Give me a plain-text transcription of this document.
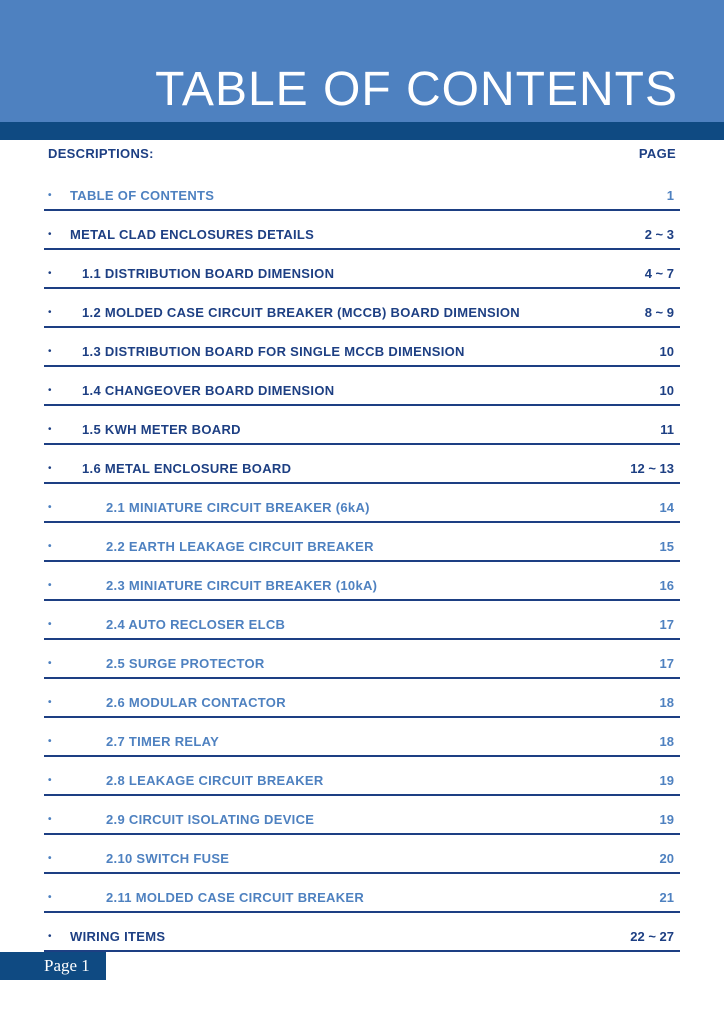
TABLE OF CONTENTS
DESCRIPTIONS:	PAGE
• TABLE OF CONTENTS	1
• METAL CLAD ENCLOSURES DETAILS	2 ~ 3
• 1.1 DISTRIBUTION BOARD DIMENSION	4 ~ 7
• 1.2 MOLDED CASE CIRCUIT BREAKER (MCCB) BOARD DIMENSION	8 ~ 9
• 1.3 DISTRIBUTION BOARD FOR SINGLE MCCB DIMENSION	10
• 1.4 CHANGEOVER BOARD DIMENSION	10
• 1.5 KWH METER BOARD	11
• 1.6 METAL ENCLOSURE BOARD	12 ~ 13
•	2.1 MINIATURE CIRCUIT BREAKER (6kA)	14
•	2.2 EARTH LEAKAGE CIRCUIT BREAKER	15
•	2.3 MINIATURE CIRCUIT BREAKER (10kA)	16
•	2.4 AUTO RECLOSER ELCB	17
•	2.5 SURGE PROTECTOR	17
•	2.6 MODULAR CONTACTOR	18
•	2.7 TIMER RELAY	18
•	2.8 LEAKAGE CIRCUIT BREAKER	19
•	2.9 CIRCUIT ISOLATING DEVICE	19
•	2.10 SWITCH FUSE	20
•	2.11 MOLDED CASE CIRCUIT BREAKER	21
• WIRING ITEMS	22 ~ 27
Page 1
